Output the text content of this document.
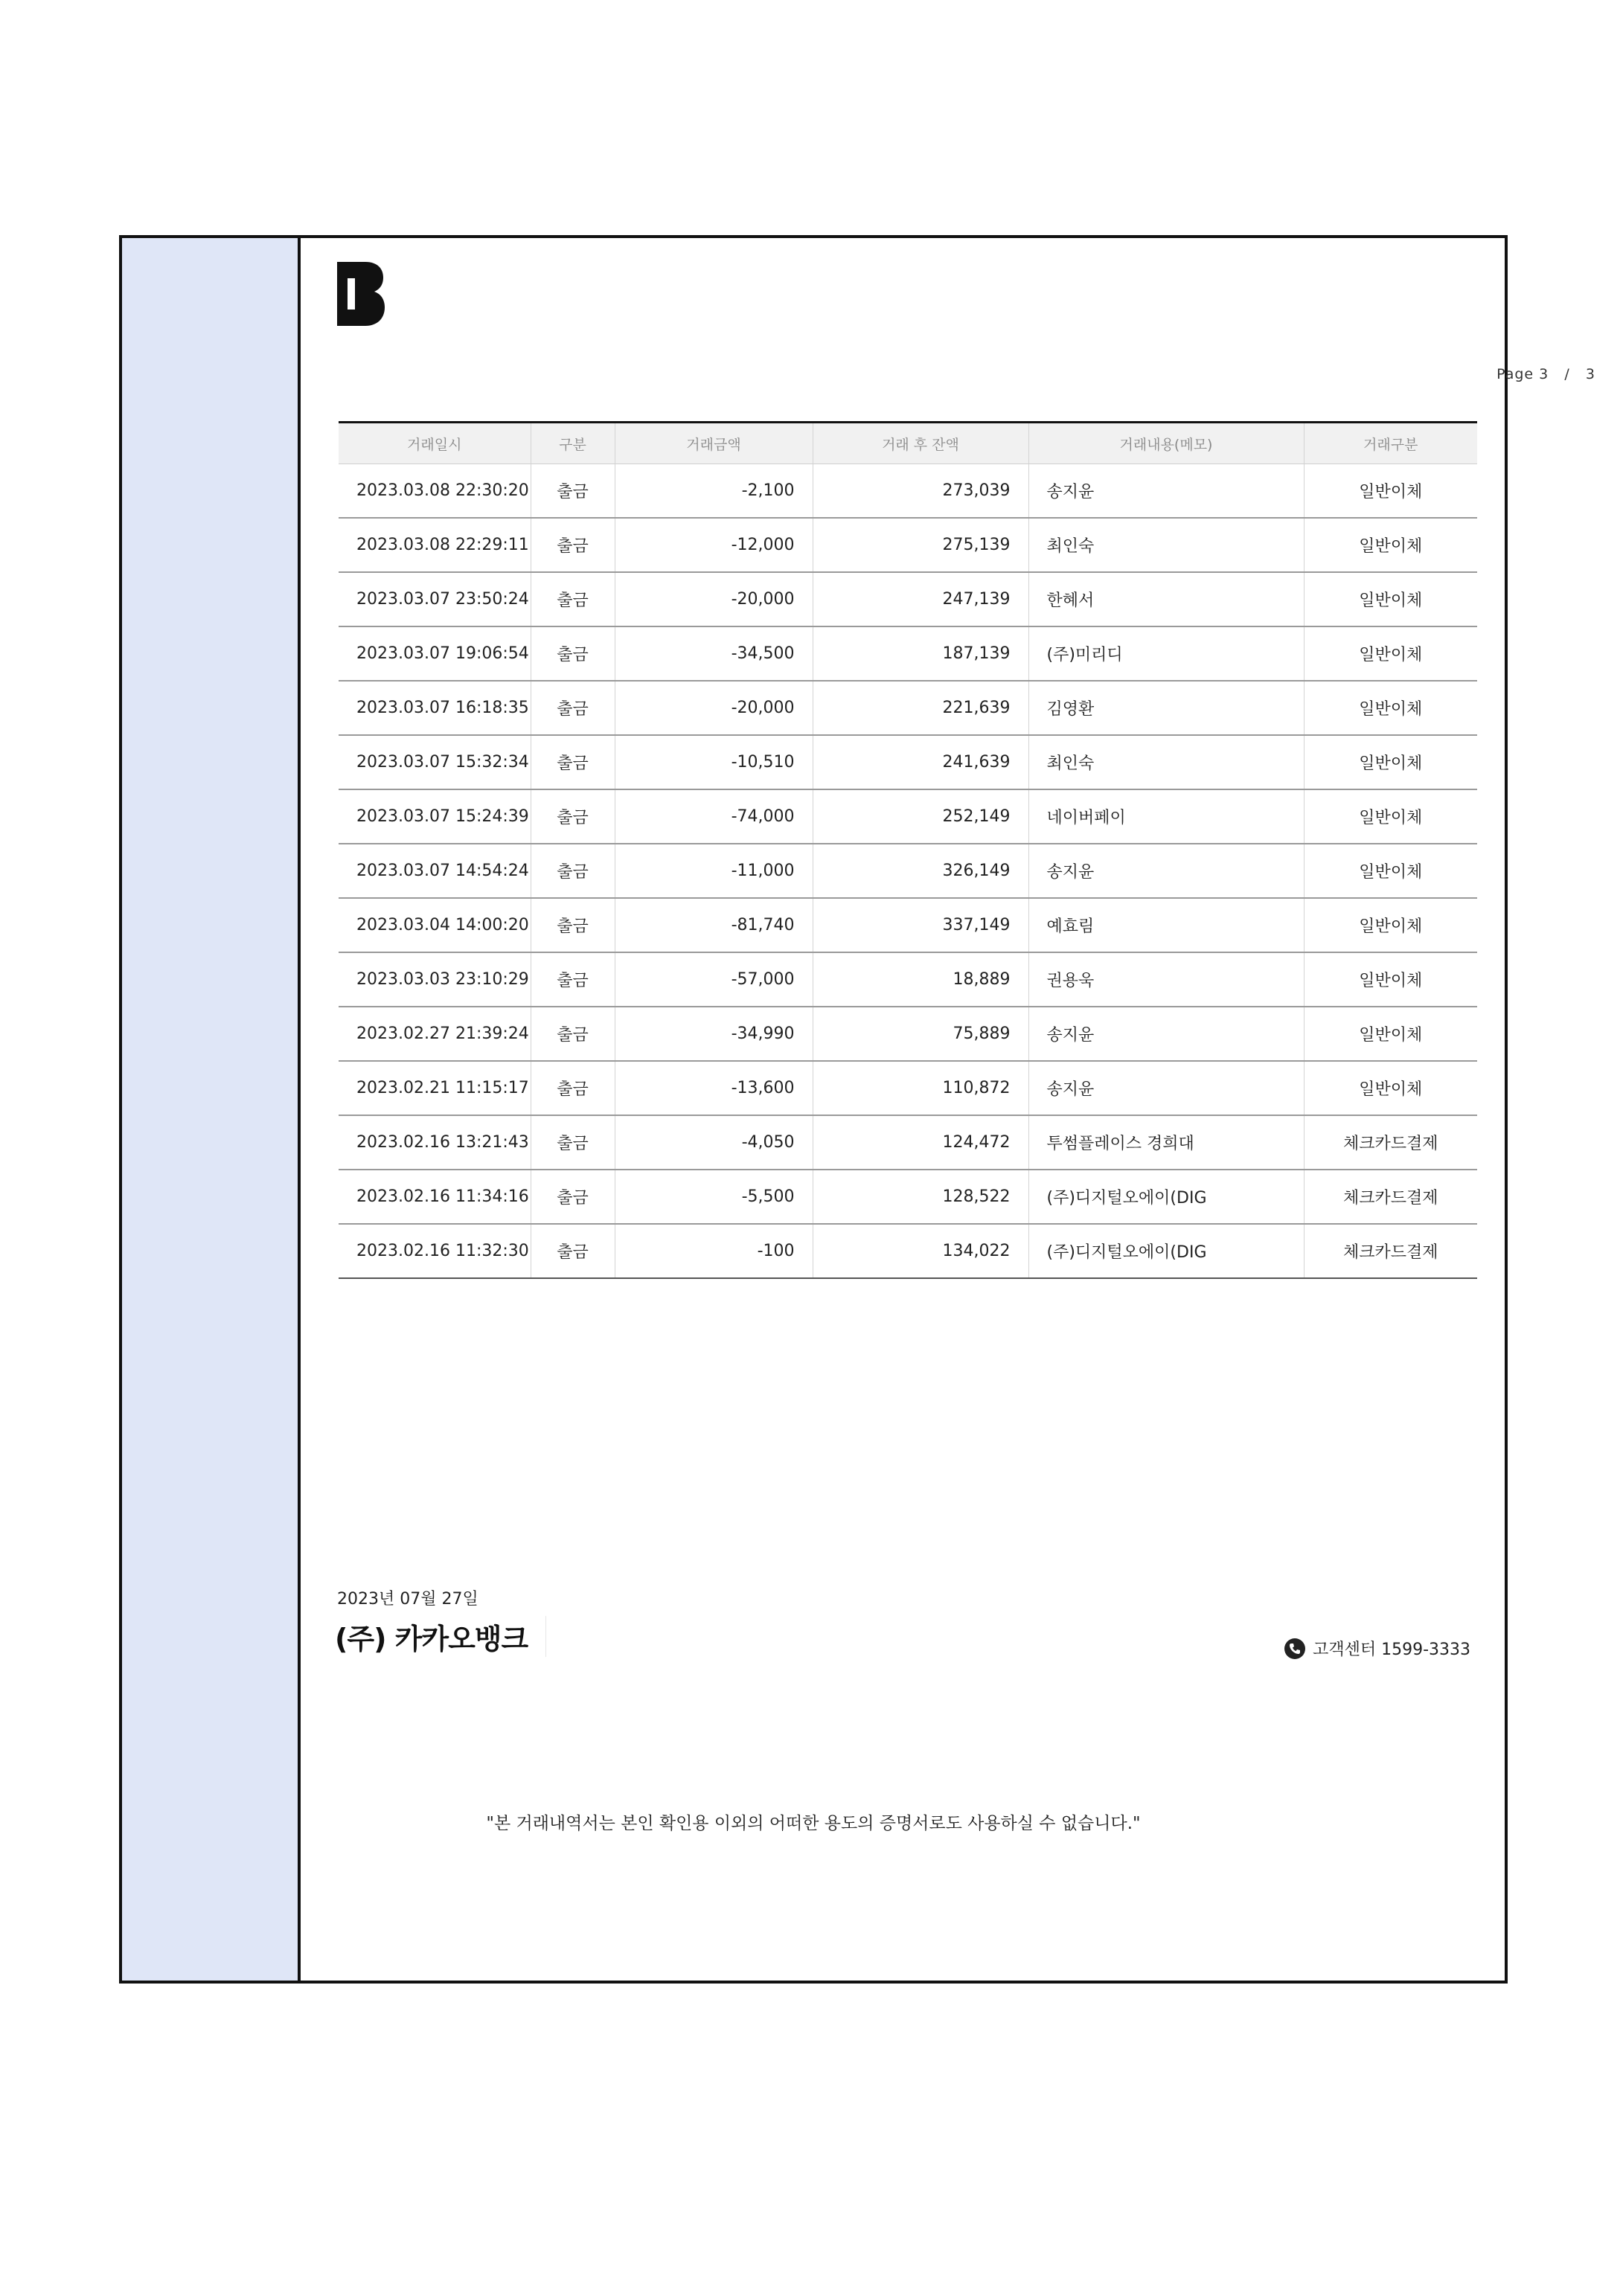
Page 3 / 3
거래일시	구분	거래금액	거래 후 잔액	거래내용(메모)	거래구분
2023.03.08 22:30:20	출금	-2,100	273,039	송지윤	일반이체
2023.03.08 22:29:11	출금	-12,000	275,139	최인숙	일반이체
2023.03.07 23:50:24	출금	-20,000	247,139	한혜서	일반이체
2023.03.07 19:06:54	출금	-34,500	187,139	(주)미리디	일반이체
2023.03.07 16:18:35	출금	-20,000	221,639	김영환	일반이체
2023.03.07 15:32:34	출금	-10,510	241,639	최인숙	일반이체
2023.03.07 15:24:39	출금	-74,000	252,149	네이버페이	일반이체
2023.03.07 14:54:24	출금	-11,000	326,149	송지윤	일반이체
2023.03.04 14:00:20	출금	-81,740	337,149	예효림	일반이체
2023.03.03 23:10:29	출금	-57,000	18,889	권용욱	일반이체
2023.02.27 21:39:24	출금	-34,990	75,889	송지윤	일반이체
2023.02.21 11:15:17	출금	-13,600	110,872	송지윤	일반이체
2023.02.16 13:21:43	출금	-4,050	124,472	투썸플레이스 경희대	체크카드결제
2023.02.16 11:34:16	출금	-5,500	128,522	(주)디지털오에이(DIG	체크카드결제
2023.02.16 11:32:30	출금	-100	134,022	(주)디지털오에이(DIG	체크카드결제
2023년 07월 27일
(주) 카카오뱅크	고객센터 1599-3333
"본 거래내역서는 본인 확인용 이외의 어떠한 용도의 증명서로도 사용하실 수 없습니다."
